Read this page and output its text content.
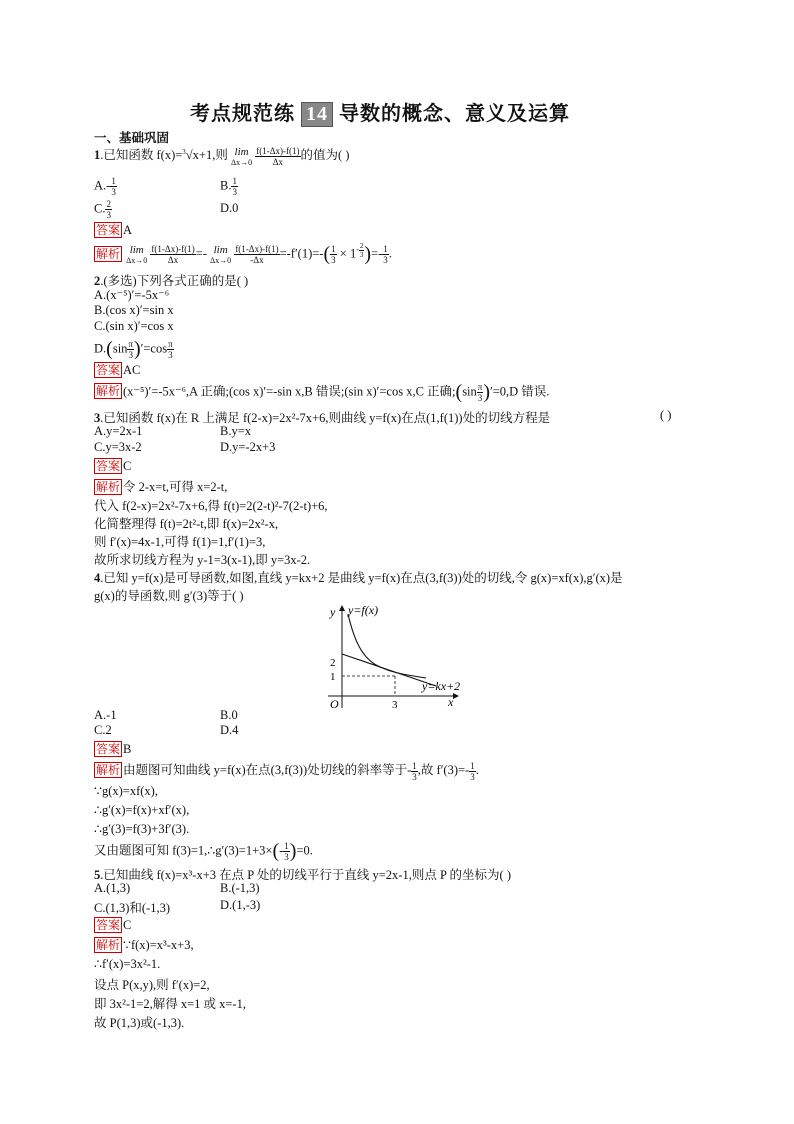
考点规范练 14 导数的概念、意义及运算
一、基础巩固
1.已知函数 f(x)=$^3$√x+1,则 lim
Δx→0
$\frac{f(1-\Delta x)-f(1)}{\Delta x}$ 的值为( )
$A.- \frac{1}{3}$	B. $\frac{1}{3}$
C. $\frac{2}{3}$	D.0
答案 A
解析 lim
Δx→0
$\frac{f(1-\Delta x)-f(1)}{\Delta x} =- \lim$
Δx→0
$\frac{f(1-\Delta x)-f(1)}{-\Delta x} =-f'(1)=-( \frac{1}{3} \times 1^{- \frac{2}{3}}$ )=- $\frac{1}{3}$ .
2.(多选)下列各式正确的是( )
A.(x⁻⁵)′=-5x⁻⁶
B.(cos x)′=sin x
C.(sin x)′=cos x
$D.(\sin \frac{\pi}{3} )'=\cos \frac{\pi}{3}$
答案 AC
解析 (x⁻⁵)′=-5x⁻⁶,A 正确;(cos x)′=-sin x,B 错误;(sin x)′=cos x,C 正确;(sin $\frac{\pi}{3} )'=0,D$ 错误.
3.已知函数 f(x)在 R 上满足 f(2-x)=2x²-7x+6,则曲线 y=f(x)在点(1,f(1))处的切线方程是	( )
A.y=2x-1	B.y=x
C.y=3x-2	D.y=-2x+3
答案 C
解析 令 2-x=t,可得 x=2-t,
代入 f(2-x)=2x²-7x+6,得 f(t)=2(2-t)²-7(2-t)+6,
化简整理得 f(t)=2t²-t,即 f(x)=2x²-x,
则 f′(x)=4x-1,可得 f(1)=1,f′(1)=3,
故所求切线方程为 y-1=3(x-1),即 y=3x-2.
4.已知 y=f(x)是可导函数,如图,直线 y=kx+2 是曲线 y=f(x)在点(3,f(3))处的切线,令 g(x)=xf(x),g′(x)是
g(x)的导函数,则 g′(3)等于( )
y y=f(x)
2
1
y=kx+2
O	3	x
A.-1	B.0
C.2	D.4
答案 B
解析 由题图可知曲线 y=f(x)在点(3,f(3))处切线的斜率等于- $\frac{1}{3}$ ,故 $f'(3)=- \frac{1}{3}$ .
∵g(x)=xf(x),
∴g′(x)=f(x)+xf′(x),
∴g′(3)=f(3)+3f′(3).
又由题图可知 f(3)=1,∴g′(3)=1+3×(- $\frac{1}{3} )=0$.
5.已知曲线 f(x)=x³-x+3 在点 P 处的切线平行于直线 y=2x-1,则点 P 的坐标为( )
A.(1,3)	B.(-1,3)
C.(1,3)和(-1,3)	D.(1,-3)
答案 C
解析 ∵f(x)=x³-x+3,
∴f′(x)=3x²-1.
设点 P(x,y),则 f′(x)=2,
即 3x²-1=2,解得 x=1 或 x=-1,
故 P(1,3)或(-1,3).
